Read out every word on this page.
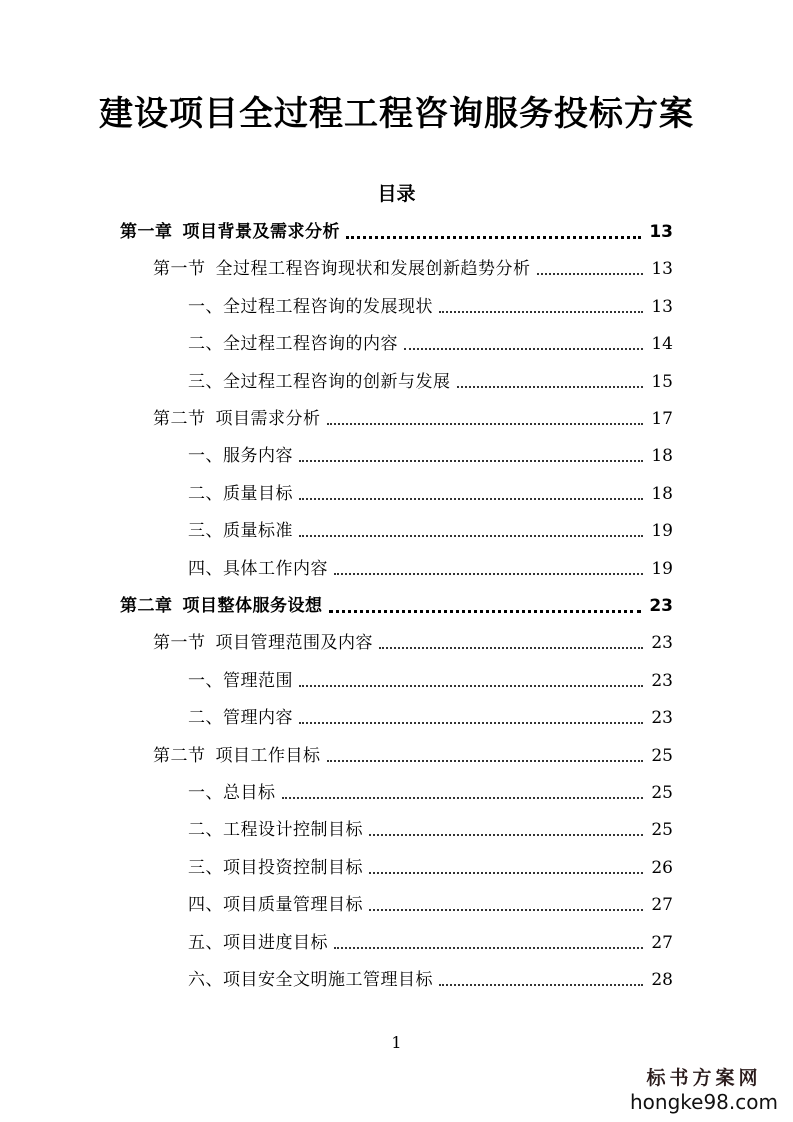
建设项目全过程工程咨询服务投标方案
目录
第一章 项目背景及需求分析	13
第一节 全过程工程咨询现状和发展创新趋势分析	13
一、全过程工程咨询的发展现状	13
二、全过程工程咨询的内容	14
三、全过程工程咨询的创新与发展	15
第二节 项目需求分析	17
一、服务内容	18
二、质量目标	18
三、质量标准	19
四、具体工作内容	19
第二章 项目整体服务设想	23
第一节 项目管理范围及内容	23
一、管理范围	23
二、管理内容	23
第二节 项目工作目标	25
一、总目标	25
二、工程设计控制目标	25
三、项目投资控制目标	26
四、项目质量管理目标	27
五、项目进度目标	27
六、项目安全文明施工管理目标	28
1
标书方案网
hongke98.com
